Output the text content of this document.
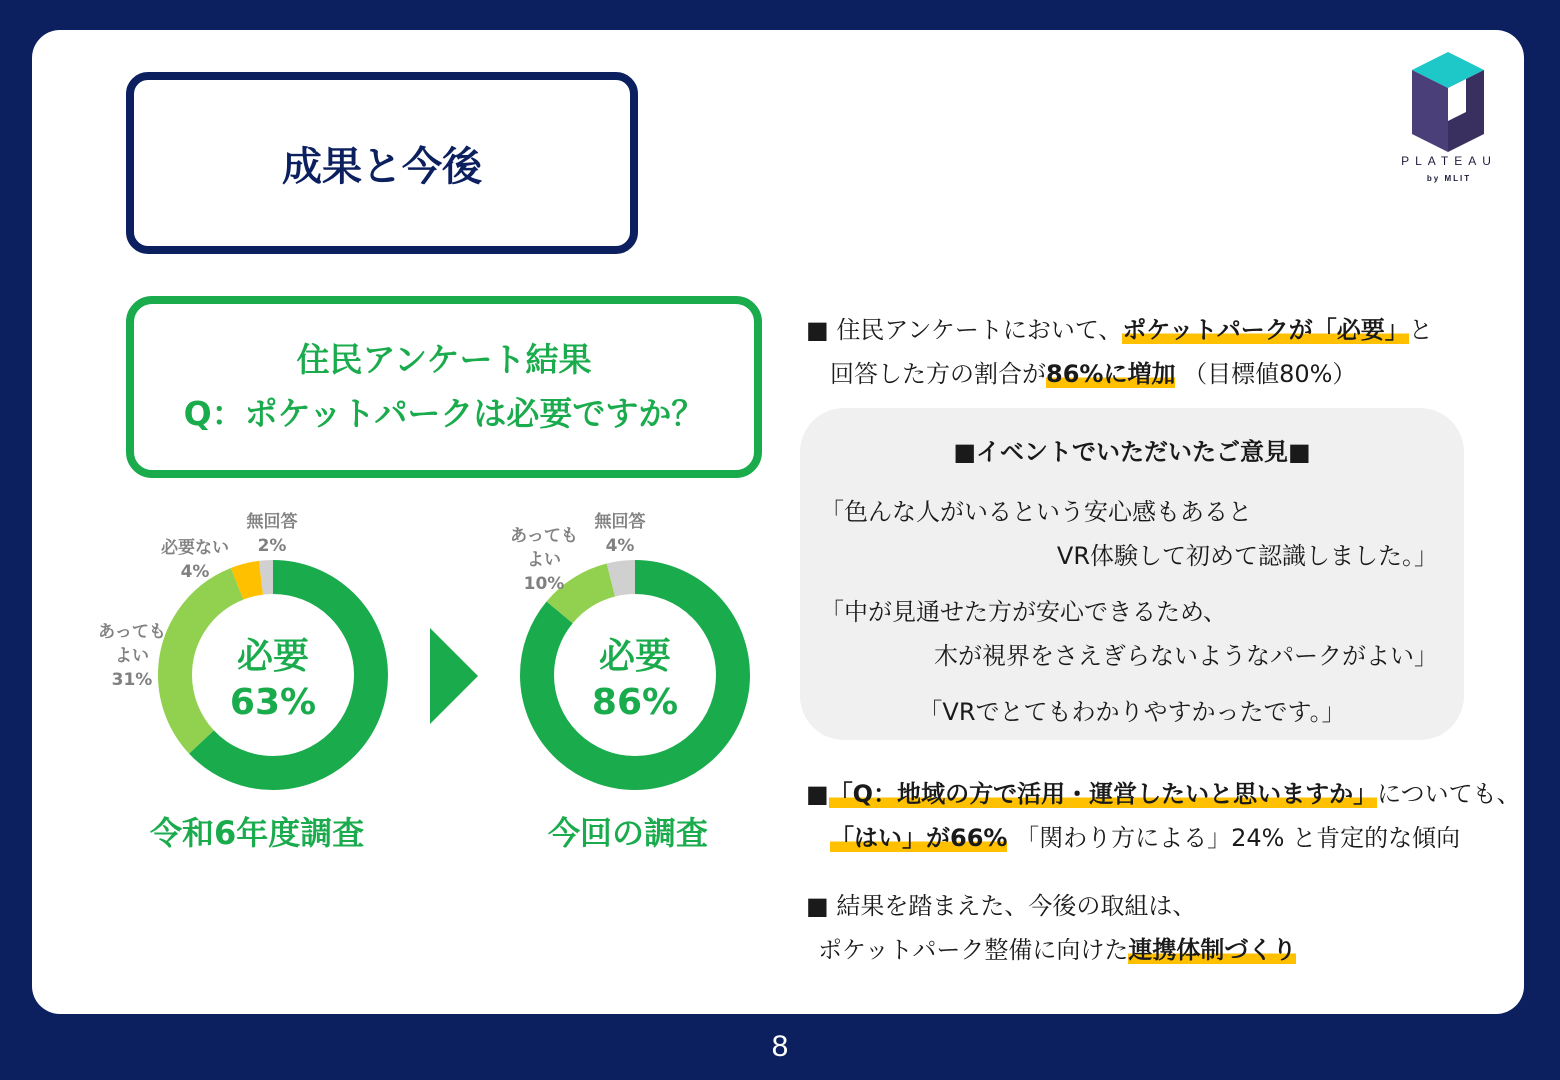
成果と今後	PLATEAU
by MLIT
住民アンケート結果
Q：ポケットパークは必要ですか？
必要
63%
あっても
よい
31%
必要ない
4%
無回答
2%
令和6年度調査
必要
86%
あっても
よい
10%
無回答
4%
今回の調査
■ 住民アンケートにおいて、ポケットパークが「必要」と
回答した方の割合が86%に増加 （目標値80%）
■イベントでいただいたご意見■
「色んな人がいるという安心感もあると
VR体験して初めて認識しました。」
「中が見通せた方が安心できるため、
木が視界をさえぎらないようなパークがよい」
「VRでとてもわかりやすかったです。」
■「Q：地域の方で活用・運営したいと思いますか」についても、
「はい」が66% 「関わり方による」24% と肯定的な傾向
■ 結果を踏まえた、今後の取組は、
ポケットパーク整備に向けた連携体制づくり
8
